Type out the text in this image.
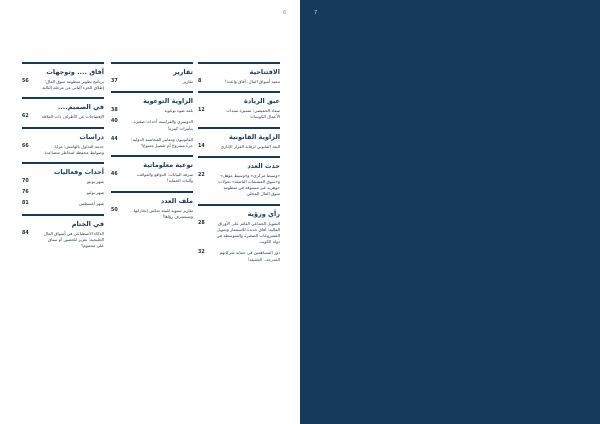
6
الافتتاحية
تنمية أسواق المال: آفاق واعدة!
8
عبق الريادة
سعاد الحميضي: مسيرة سيدات الأعمال الكويتيات
12
الزاوية القانونية
البعد القانوني لرقابة القرار الإداري
14
حدث العدد
«وسيط مركزي» و«وسيط مؤهل» و«سوق المشتقات الناشئة» تحولات جوهرية غير مسبوقة في منظومة سوق المال المحلي
22
رأي ورؤية
التمويل الجماعي القائم على الأوراق المالية: آفاق جديدة للاستثمار وتمويل المشروعات الصغيرة والمتوسطة في دولة الكويت
28
دور المساهمين في حماية شركاتهم المدرجة.. الحقيقة!
32
تقارير
تقارير
37
الزاوية التوعوية
بلغة ضوء توعوية
38
الدوسري والفرانسة أحداث صغيرة.. بتأثيرات كبيرة!
40
القانونيون ومعايير المحاسبة الدولية: جزءٌ مشروع أم تقصيرٌ ممنوع؟
44
توعية معلوماتية
سرقة البيانات: الدوافع والعواقب وآليات الحماية!
46
ملف العدد
تقارير ستوية للبيئة تعكس إنجازاتها... وتستشرف رؤاها!
50
آفاق .... وتوجهات
برنامج تطوير منظومة سوق المال: إطلاق الجزء الثاني من مرحلة الثالثة
56
في الصميم....
الإفصاحات عن الأطراف ذات العلاقة
62
دراسات
خدمة التداول بالهامش: مزايا وضوابط محفظة لمخاطر متصاعدة
66
أحداث وفعاليات
شهر يونيو
70
شهر يوليو
76
شهر أغسطس
81
في الختام
الذكاء الاصطناعي في أسواق المال الخليجية: تعزيز للحضور أم سباق على محموم؟
84
7
